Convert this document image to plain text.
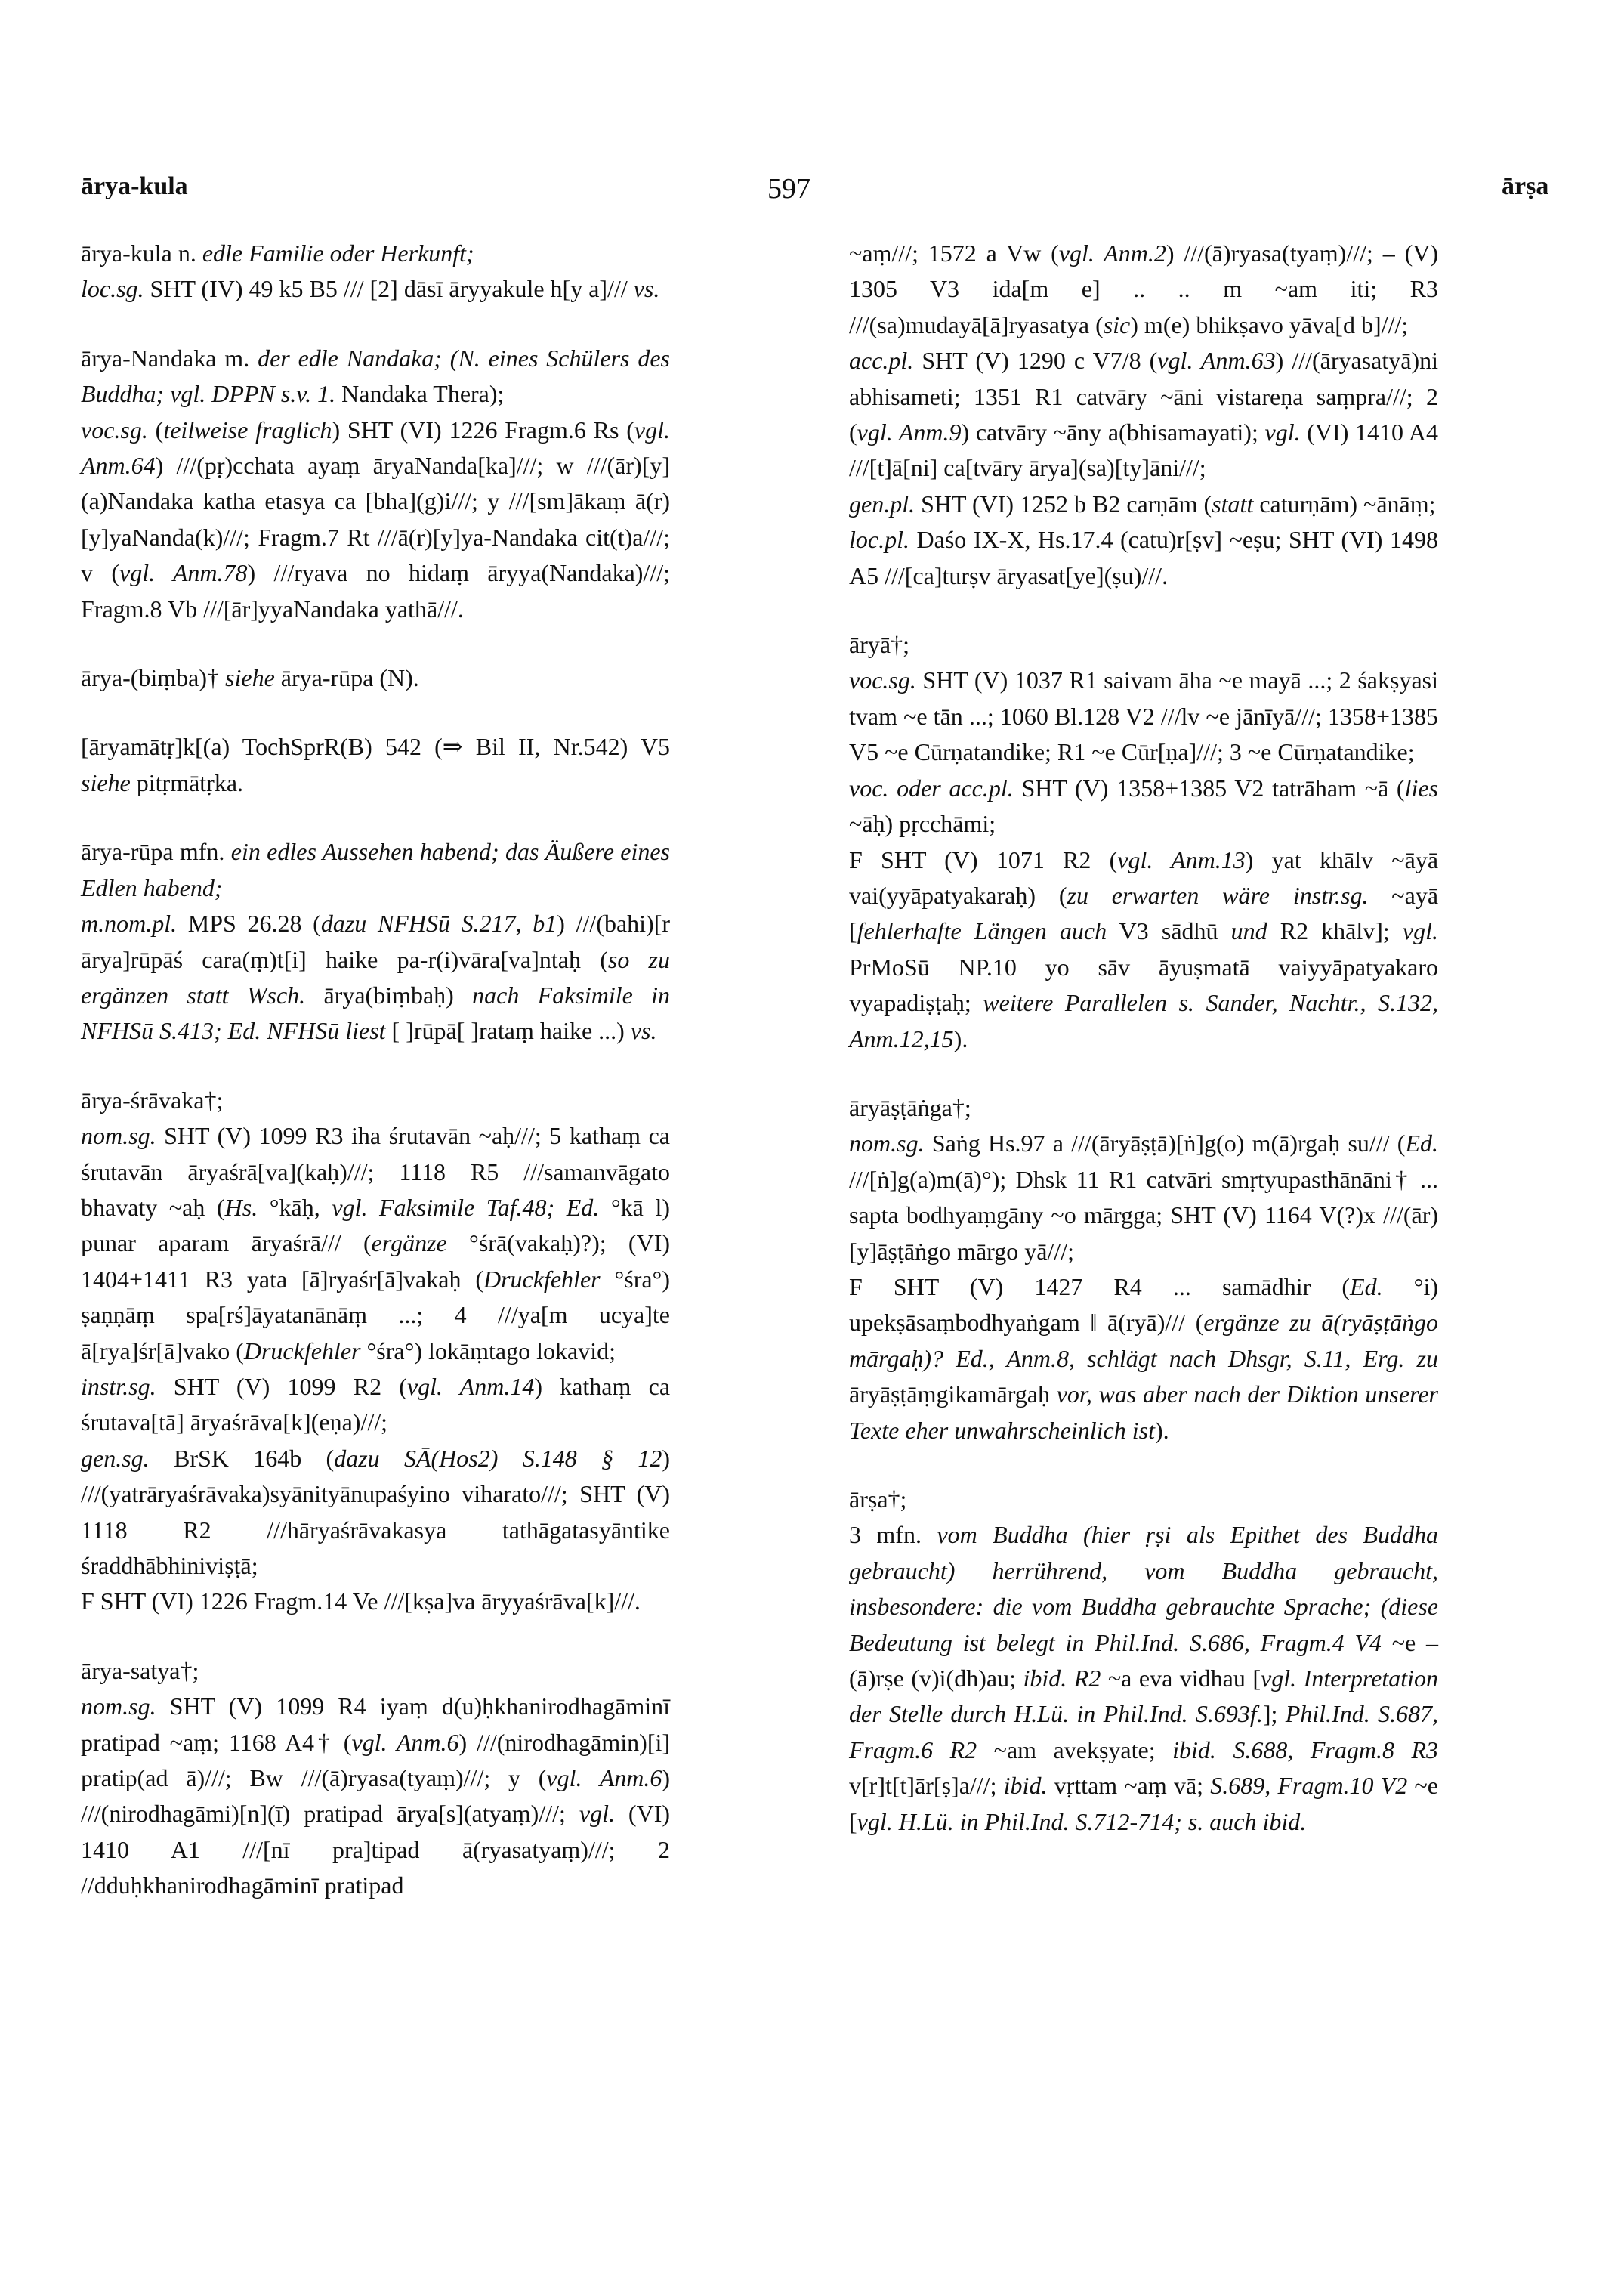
ārya-kula	597	ārṣa

ārya-kula n. edle Familie oder Herkunft;

loc.sg. SHT (IV) 49 k5 B5 /// [2] dāsī āryyakule h[y a]/// vs.

ārya-Nandaka m. der edle Nandaka; (N. eines Schülers des Buddha; vgl. DPPN s.v. 1. Nandaka Thera);

voc.sg. (teilweise fraglich) SHT (VI) 1226 Fragm.6 Rs (vgl. Anm.64) ///(pṛ)cchata ayaṃ āryaNanda[ka]///; w ///(ār)[y](a)Nandaka katha etasya ca [bha](g)i///; y ///[sm]ākaṃ ā(r)[y]yaNanda(k)///; Fragm.7 Rt ///ā(r)[y]ya-Nandaka cit(t)a///; v (vgl. Anm.78) ///ryava no hidaṃ āryya(Nandaka)///; Fragm.8 Vb ///[ār]yyaNandaka yathā///.

ārya-(biṃba)† siehe ārya-rūpa (N).

[āryamātṛ]k[(a) TochSprR(B) 542 (⇒ Bil II, Nr.542) V5 siehe pitṛmātṛka.

ārya-rūpa mfn. ein edles Aussehen habend; das Äußere eines Edlen habend;

m.nom.pl. MPS 26.28 (dazu NFHSū S.217, b1) ///(bahi)[r ārya]rūpāś cara(ṃ)t[i] haike pa-r(i)vāra[va]ntaḥ (so zu ergänzen statt Wsch. ārya(biṃbaḥ) nach Faksimile in NFHSū S.413; Ed. NFHSū liest [ ]rūpā[ ]rataṃ haike ...) vs.

ārya-śrāvaka†;

nom.sg. SHT (V) 1099 R3 iha śrutavān ~aḥ///; 5 kathaṃ ca śrutavān āryaśrā[va](kaḥ)///; 1118 R5 ///samanvāgato bhavaty ~aḥ (Hs. °kāḥ, vgl. Faksimile Taf.48; Ed. °kā l) punar aparam āryaśrā/// (ergänze °śrā(vakaḥ)?); (VI) 1404+1411 R3 yata [ā]ryaśr[ā]vakaḥ (Druckfehler °śra°) ṣaṇṇāṃ spa[rś]āyatanānāṃ ...; 4 ///ya[m ucya]te ā[rya]śr[ā]vako (Druckfehler °śra°) lokāṃtago lokavid;

instr.sg. SHT (V) 1099 R2 (vgl. Anm.14) kathaṃ ca śrutava[tā] āryaśrāva[k](eṇa)///;

gen.sg. BrSK 164b (dazu SĀ(Hos2) S.148 § 12) ///(yatrāryaśrāvaka)syānityānupaśyino viharato///; SHT (V) 1118 R2 ///hāryaśrāvakasya tathāgatasyāntike śraddhābhiniviṣṭā;

F SHT (VI) 1226 Fragm.14 Ve ///[kṣa]va āryyaśrāva[k]///.

ārya-satya†;

nom.sg. SHT (V) 1099 R4 iyaṃ d(u)ḥkhanirodhagāminī pratipad ~aṃ; 1168 A4† (vgl. Anm.6) ///(nirodhagāmin)[i] pratip(ad ā)///; Bw ///(ā)ryasa(tyaṃ)///; y (vgl. Anm.6) ///(nirodhagāmi)[n](ī) pratipad ārya[s](atyaṃ)///; vgl. (VI) 1410 A1 ///[nī pra]tipad ā(ryasatyaṃ)///; 2 //dduḥkhanirodhagāminī pratipad

~aṃ///; 1572 a Vw (vgl. Anm.2) ///(ā)ryasa(tyaṃ)///; – (V) 1305 V3 ida[m e] .. .. m ~am iti; R3 ///(sa)mudayā[ā]ryasatya (sic) m(e) bhikṣavo yāva[d b]///;

acc.pl. SHT (V) 1290 c V7/8 (vgl. Anm.63) ///(āryasatyā)ni abhisameti; 1351 R1 catvāry ~āni vistareṇa saṃpra///; 2 (vgl. Anm.9) catvāry ~āny a(bhisamayati); vgl. (VI) 1410 A4 ///[t]ā[ni] ca[tvāry ārya](sa)[ty]āni///;

gen.pl. SHT (VI) 1252 b B2 carṇām (statt caturṇām) ~ānāṃ;

loc.pl. Daśo IX-X, Hs.17.4 (catu)r[ṣv] ~eṣu; SHT (VI) 1498 A5 ///[ca]turṣv āryasat[ye](ṣu)///.

āryā†;

voc.sg. SHT (V) 1037 R1 saivam āha ~e mayā ...; 2 śakṣyasi tvam ~e tān ...; 1060 Bl.128 V2 ///lv ~e jānīyā///; 1358+1385 V5 ~e Cūrṇatandike; R1 ~e Cūr[ṇa]///; 3 ~e Cūrṇatandike;

voc. oder acc.pl. SHT (V) 1358+1385 V2 tatrāham ~ā (lies ~āḥ) pṛcchāmi;

F SHT (V) 1071 R2 (vgl. Anm.13) yat khālv ~āyā vai(yyāpatyakaraḥ) (zu erwarten wäre instr.sg. ~ayā [fehlerhafte Längen auch V3 sādhū und R2 khālv]; vgl. PrMoSū NP.10 yo sāv āyuṣmatā vaiyyāpatyakaro vyapadiṣṭaḥ; weitere Parallelen s. Sander, Nachtr., S.132, Anm.12,15).

āryāṣṭāṅga†;

nom.sg. Saṅg Hs.97 a ///(āryāṣṭā)[ṅ]g(o) m(ā)rgaḥ su/// (Ed. ///[ṅ]g(a)m(ā)°); Dhsk 11 R1 catvāri smṛtyupasthānāni† ... sapta bodhyaṃgāny ~o mārgga; SHT (V) 1164 V(?)x ///(ār)[y]āṣṭāṅgo mārgo yā///;

F SHT (V) 1427 R4 ... samādhir (Ed. °i) upekṣāsaṃbodhyaṅgam ‖ ā(ryā)/// (ergänze zu ā(ryāṣṭāṅgo mārgaḥ)? Ed., Anm.8, schlägt nach Dhsgr, S.11, Erg. zu āryāṣṭāṃgikamārgaḥ vor, was aber nach der Diktion unserer Texte eher unwahrscheinlich ist).

ārṣa†;

3 mfn. vom Buddha (hier ṛṣi als Epithet des Buddha gebraucht) herrührend, vom Buddha gebraucht, insbesondere: die vom Buddha gebrauchte Sprache; (diese Bedeutung ist belegt in Phil.Ind. S.686, Fragm.4 V4 ~e – (ā)rṣe (v)i(dh)au; ibid. R2 ~a eva vidhau [vgl. Interpretation der Stelle durch H.Lü. in Phil.Ind. S.693f.]; Phil.Ind. S.687, Fragm.6 R2 ~am avekṣyate; ibid. S.688, Fragm.8 R3 v[r]t[t]ār[ṣ]a///; ibid. vṛttam ~aṃ vā; S.689, Fragm.10 V2 ~e [vgl. H.Lü. in Phil.Ind. S.712-714; s. auch ibid.
